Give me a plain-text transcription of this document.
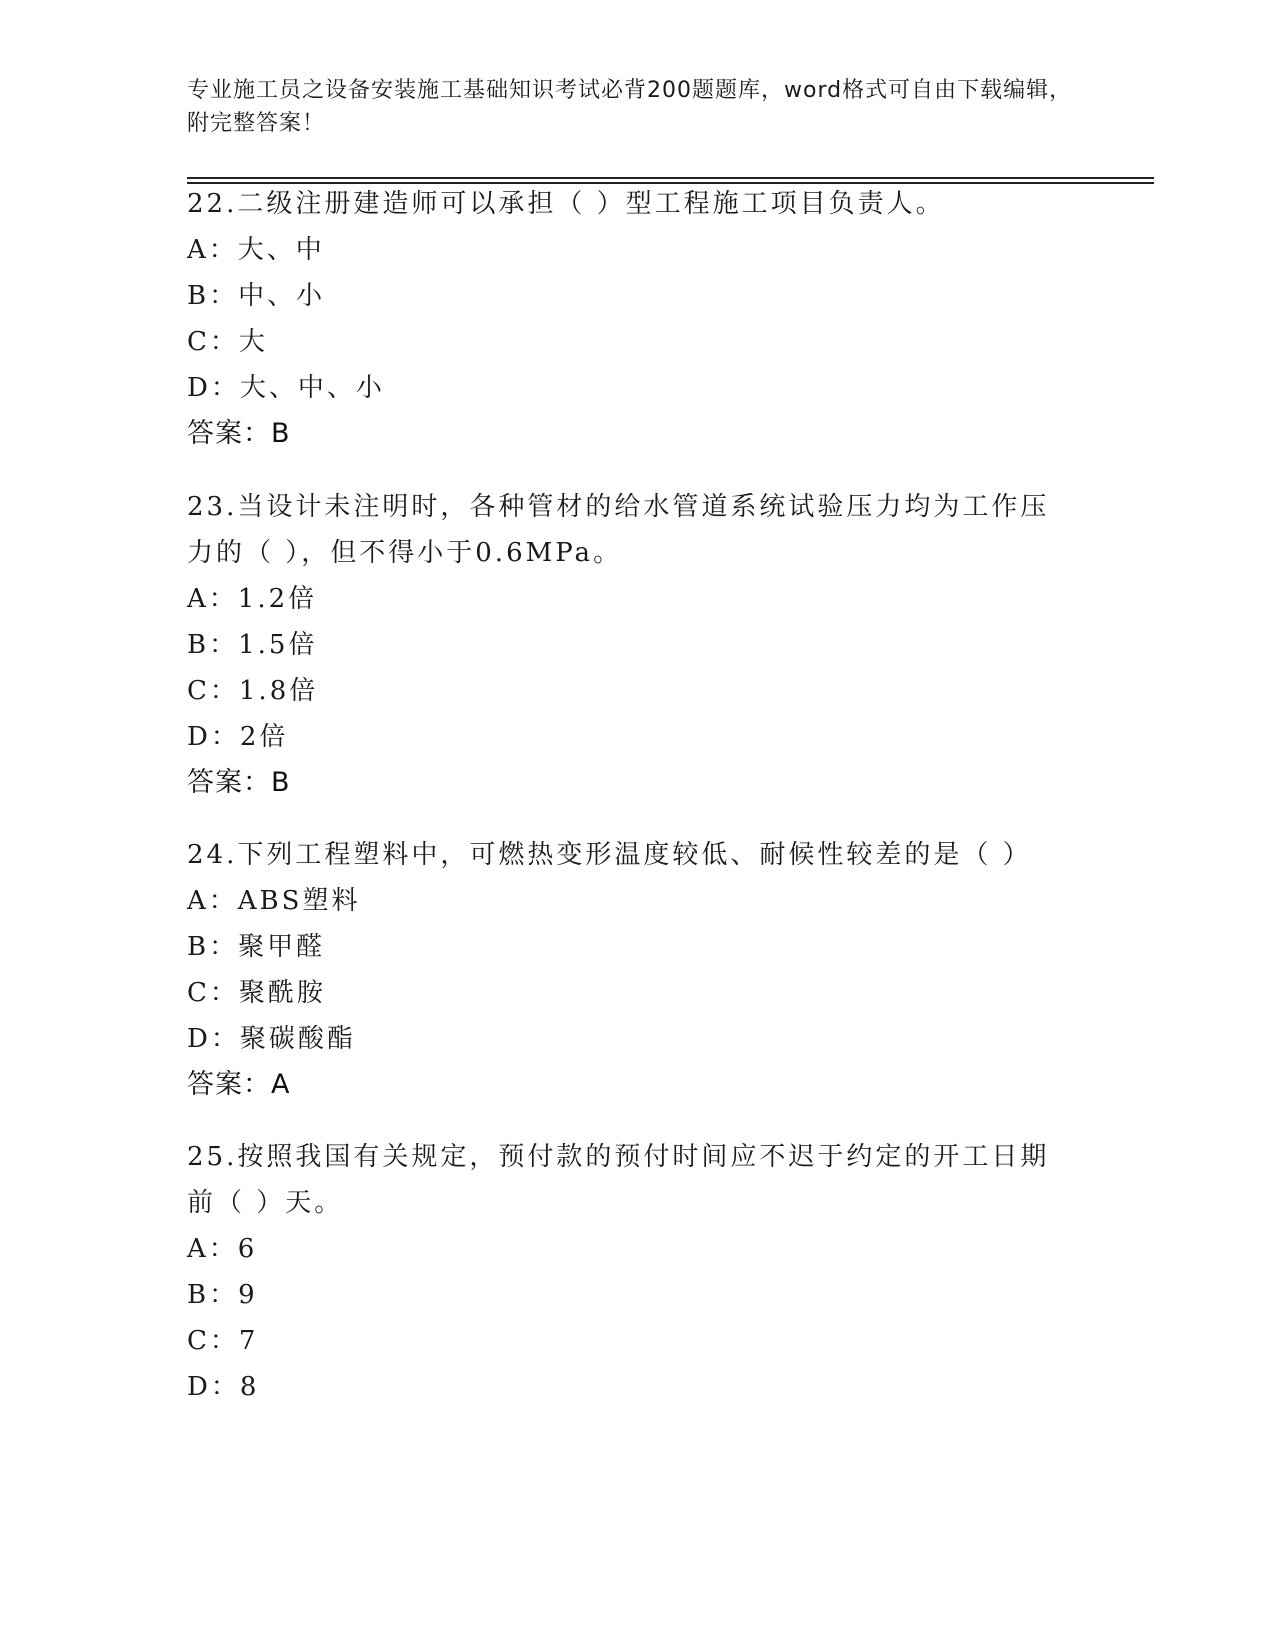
专业施工员之设备安装施工基础知识考试必背200题题库，word格式可自由下载编辑，附完整答案！
22.二级注册建造师可以承担（ ）型工程施工项目负责人。
A：大、中
B：中、小
C：大
D：大、中、小
答案：B
23.当设计未注明时，各种管材的给水管道系统试验压力均为工作压力的（ ），但不得小于0.6MPa。
A：1.2倍
B：1.5倍
C：1.8倍
D：2倍
答案：B
24.下列工程塑料中，可燃热变形温度较低、耐候性较差的是（ ）
A：ABS塑料
B：聚甲醛
C：聚酰胺
D：聚碳酸酯
答案：A
25.按照我国有关规定，预付款的预付时间应不迟于约定的开工日期前（ ）天。
A：6
B：9
C：7
D：8
